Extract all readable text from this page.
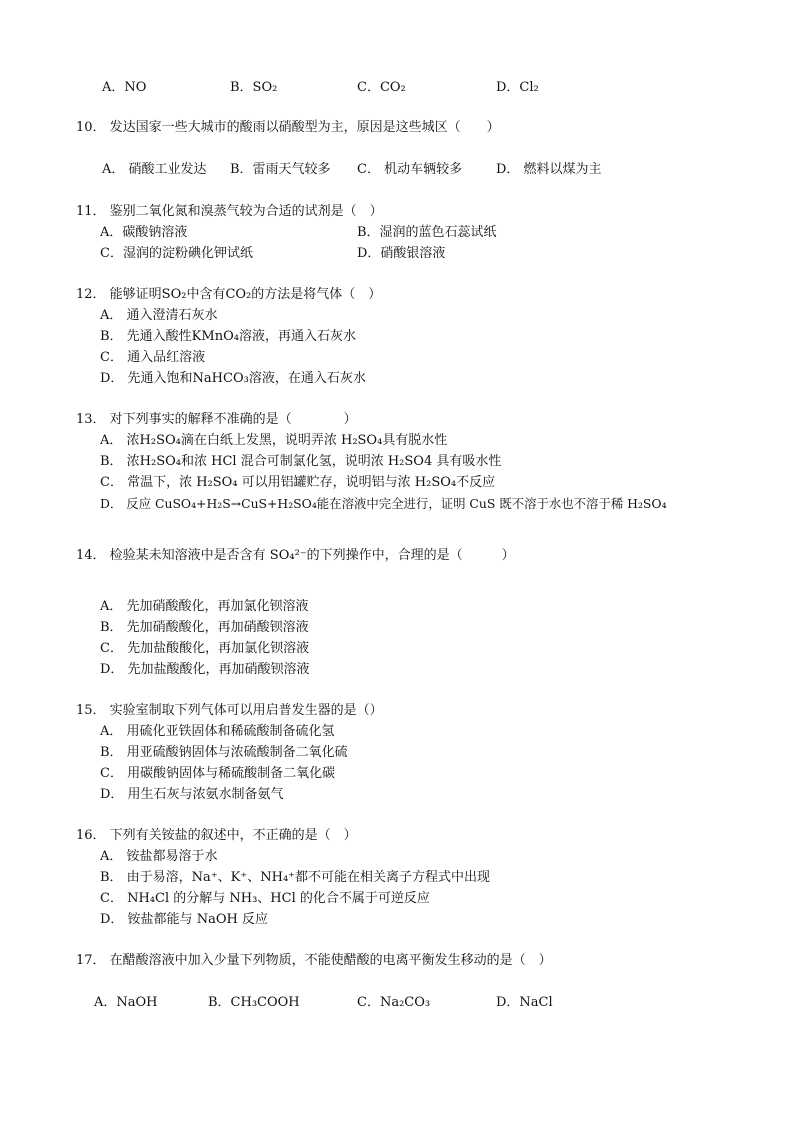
A．NO	B．SO₂	C．CO₂	D．Cl₂
10． 发达国家一些大城市的酸雨以硝酸型为主，原因是这些城区（　　）
A． 硝酸工业发达 B．雷雨天气较多 C． 机动车辆较多	D． 燃料以煤为主
11． 鉴别二氧化氮和溴蒸气较为合适的试剂是（　）
A．碳酸钠溶液	B．湿润的蓝色石蕊试纸
C．湿润的淀粉碘化钾试纸	D．硝酸银溶液
12． 能够证明SO₂中含有CO₂的方法是将气体（　）
A． 通入澄清石灰水
B． 先通入酸性KMnO₄溶液，再通入石灰水
C． 通入品红溶液
D． 先通入饱和NaHCO₃溶液，在通入石灰水
13． 对下列事实的解释不准确的是（　　　　）
A． 浓H₂SO₄滴在白纸上发黑，说明弄浓 H₂SO₄具有脱水性
B． 浓H₂SO₄和浓 HCl 混合可制氯化氢，说明浓 H₂SO4 具有吸水性
C． 常温下，浓 H₂SO₄ 可以用铝罐贮存，说明铝与浓 H₂SO₄不反应
D． 反应 CuSO₄+H₂S→CuS+H₂SO₄能在溶液中完全进行，证明 CuS 既不溶于水也不溶于稀 H₂SO₄
14． 检验某未知溶液中是否含有 SO₄²⁻的下列操作中，合理的是（　　　）
A． 先加硝酸酸化，再加氯化钡溶液
B． 先加硝酸酸化，再加硝酸钡溶液
C． 先加盐酸酸化，再加氯化钡溶液
D． 先加盐酸酸化，再加硝酸钡溶液
15． 实验室制取下列气体可以用启普发生器的是（）
A． 用硫化亚铁固体和稀硫酸制备硫化氢
B． 用亚硫酸钠固体与浓硫酸制备二氧化硫
C． 用碳酸钠固体与稀硫酸制备二氧化碳
D． 用生石灰与浓氨水制备氨气
16． 下列有关铵盐的叙述中，不正确的是（　）
A． 铵盐都易溶于水
B． 由于易溶，Na⁺、K⁺、NH₄⁺都不可能在相关离子方程式中出现
C． NH₄Cl 的分解与 NH₃、HCl 的化合不属于可逆反应
D． 铵盐都能与 NaOH 反应
17． 在醋酸溶液中加入少量下列物质，不能使醋酸的电离平衡发生移动的是（　）
A．NaOH	B．CH₃COOH	C．Na₂CO₃	D．NaCl
